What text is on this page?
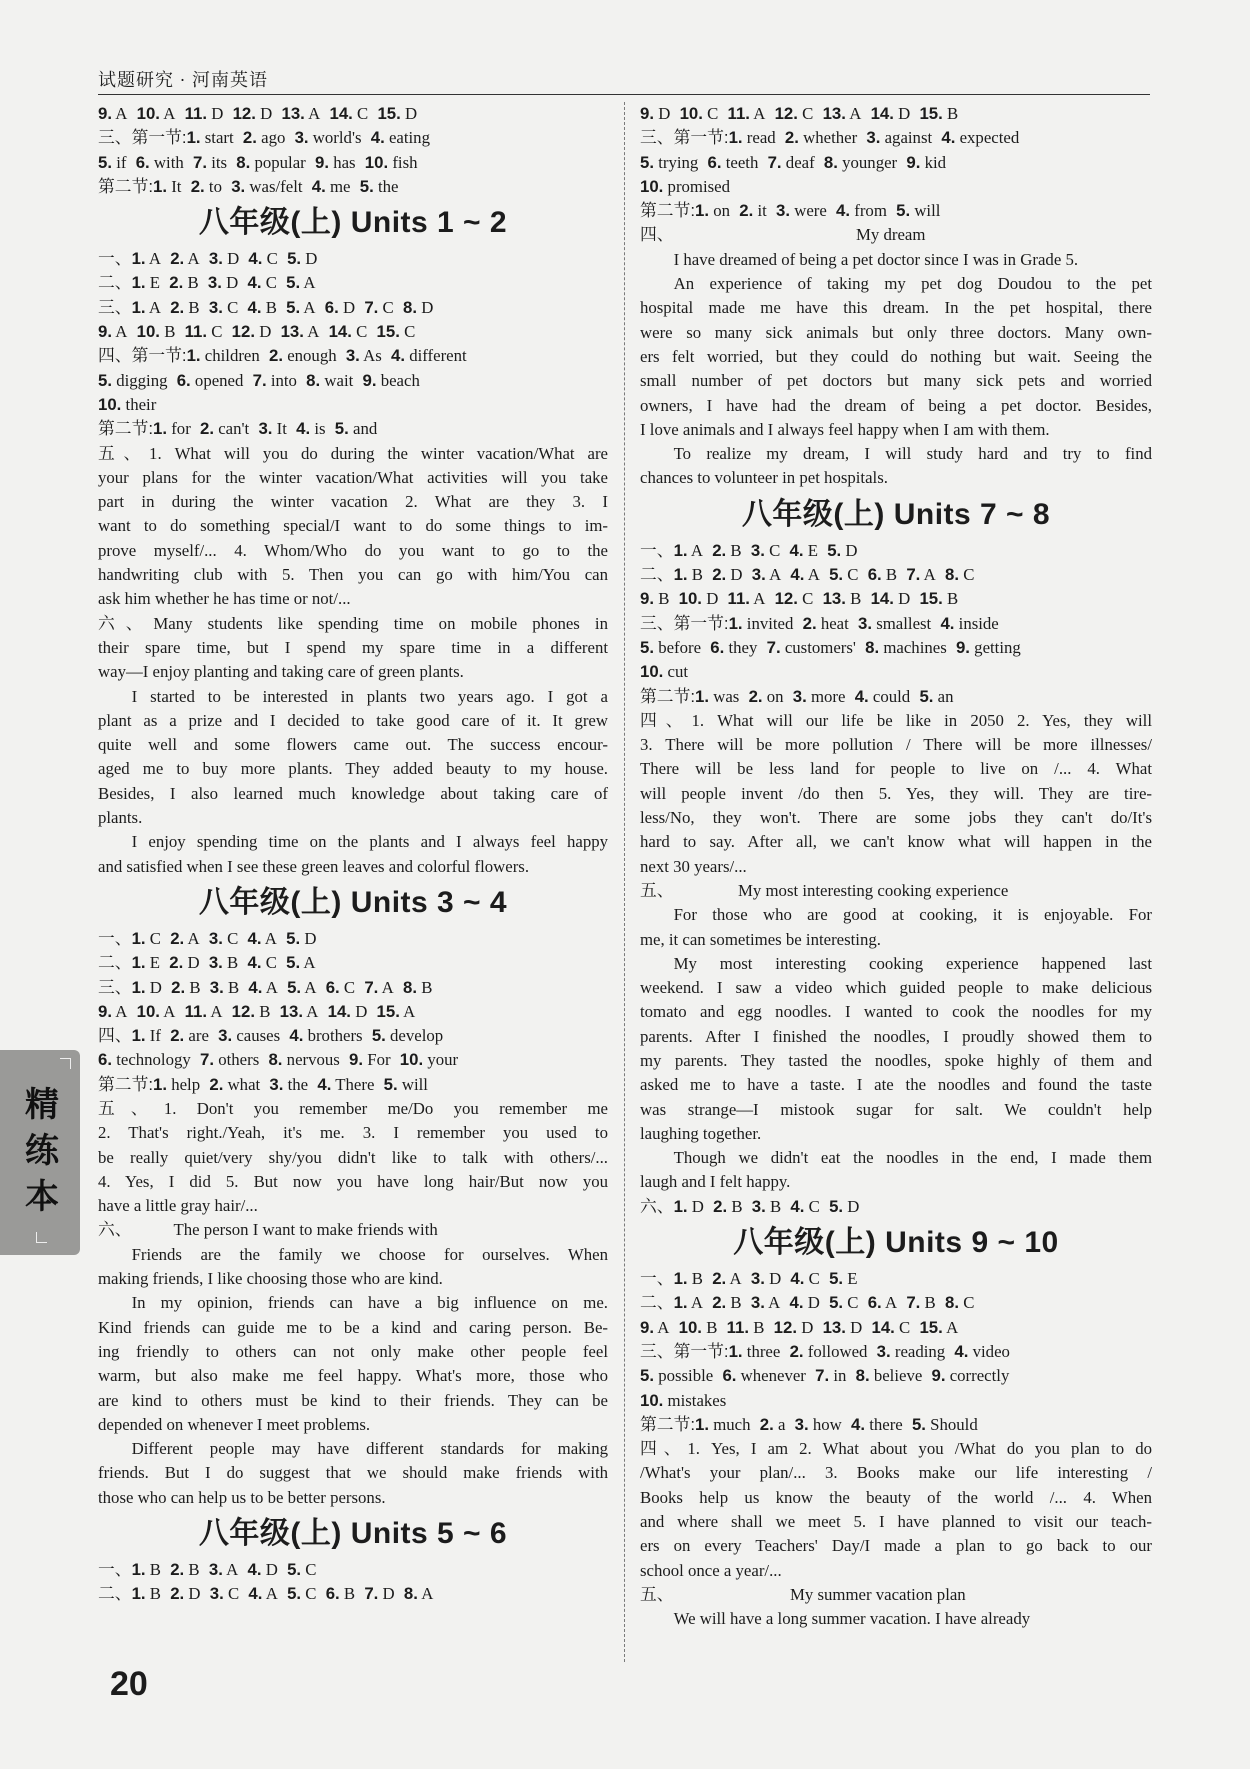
试题研究 · 河南英语
9. A 10. A 11. D 12. D 13. A 14. C 15. D
三、第一节:1. start 2. ago 3. world's 4. eating
5. if 6. with 7. its 8. popular 9. has 10. fish
第二节:1. It 2. to 3. was/felt 4. me 5. the
八年级(上) Units 1 ~ 2
一、1. A 2. A 3. D 4. C 5. D
二、1. E 2. B 3. D 4. C 5. A
三、1. A 2. B 3. C 4. B 5. A 6. D 7. C 8. D
9. A 10. B 11. C 12. D 13. A 14. C 15. C
四、第一节:1. children 2. enough 3. As 4. different
5. digging 6. opened 7. into 8. wait 9. beach
10. their
第二节:1. for 2. can't 3. It 4. is 5. and
五、1. What will you do during the winter vacation/What are
your plans for the winter vacation/What activities will you take
part in during the winter vacation 2. What are they 3. I
want to do something special/I want to do some things to im-
prove myself/... 4. Whom/Who do you want to go to the
handwriting club with 5. Then you can go with him/You can
ask him whether he has time or not/...
六、Many students like spending time on mobile phones in
their spare time, but I spend my spare time in a different
way—I enjoy planting and taking care of green plants.
I started to be interested in plants two years ago. I got a
plant as a prize and I decided to take good care of it. It grew
quite well and some flowers came out. The success encour-
aged me to buy more plants. They added beauty to my house.
Besides, I also learned much knowledge about taking care of
plants.
I enjoy spending time on the plants and I always feel happy
and satisfied when I see these green leaves and colorful flowers.
八年级(上) Units 3 ~ 4
一、1. C 2. A 3. C 4. A 5. D
二、1. E 2. D 3. B 4. C 5. A
三、1. D 2. B 3. B 4. A 5. A 6. C 7. A 8. B
9. A 10. A 11. A 12. B 13. A 14. D 15. A
四、1. If 2. are 3. causes 4. brothers 5. develop
6. technology 7. others 8. nervous 9. For 10. your
第二节:1. help 2. what 3. the 4. There 5. will
五、1. Don't you remember me/Do you remember me
2. That's right./Yeah, it's me. 3. I remember you used to
be really quiet/very shy/you didn't like to talk with others/...
4. Yes, I did 5. But now you have long hair/But now you
have a little gray hair/...
六、          The person I want to make friends with
Friends are the family we choose for ourselves. When
making friends, I like choosing those who are kind.
In my opinion, friends can have a big influence on me.
Kind friends can guide me to be a kind and caring person. Be-
ing friendly to others can not only make other people feel
warm, but also make me feel happy. What's more, those who
are kind to others must be kind to their friends. They can be
depended on whenever I meet problems.
Different people may have different standards for making
friends. But I do suggest that we should make friends with
those who can help us to be better persons.
八年级(上) Units 5 ~ 6
一、1. B 2. B 3. A 4. D 5. C
二、1. B 2. D 3. C 4. A 5. C 6. B 7. D 8. A
9. D 10. C 11. A 12. C 13. A 14. D 15. B
三、第一节:1. read 2. whether 3. against 4. expected
5. trying 6. teeth 7. deaf 8. younger 9. kid
10. promised
第二节:1. on 2. it 3. were 4. from 5. will
四、	My dream
I have dreamed of being a pet doctor since I was in Grade 5.
An experience of taking my pet dog Doudou to the pet
hospital made me have this dream. In the pet hospital, there
were so many sick animals but only three doctors. Many own-
ers felt worried, but they could do nothing but wait. Seeing the
small number of pet doctors but many sick pets and worried
owners, I have had the dream of being a pet doctor. Besides,
I love animals and I always feel happy when I am with them.
To realize my dream, I will study hard and try to find
chances to volunteer in pet hospitals.
八年级(上) Units 7 ~ 8
一、1. A 2. B 3. C 4. E 5. D
二、1. B 2. D 3. A 4. A 5. C 6. B 7. A 8. C
9. B 10. D 11. A 12. C 13. B 14. D 15. B
三、第一节:1. invited 2. heat 3. smallest 4. inside
5. before 6. they 7. customers' 8. machines 9. getting
10. cut
第二节:1. was 2. on 3. more 4. could 5. an
四、1. What will our life be like in 2050 2. Yes, they will
3. There will be more pollution / There will be more illnesses/
There will be less land for people to live on /... 4. What
will people invent /do then 5. Yes, they will. They are tire-
less/No, they won't. There are some jobs they can't do/It's
hard to say. After all, we can't know what will happen in the
next 30 years/...
五、	My most interesting cooking experience
For those who are good at cooking, it is enjoyable. For
me, it can sometimes be interesting.
My most interesting cooking experience happened last
weekend. I saw a video which guided people to make delicious
tomato and egg noodles. I wanted to cook the noodles for my
parents. After I finished the noodles, I proudly showed them to
my parents. They tasted the noodles, spoke highly of them and
asked me to have a taste. I ate the noodles and found the taste
was strange—I mistook sugar for salt. We couldn't help
laughing together.
Though we didn't eat the noodles in the end, I made them
laugh and I felt happy.
六、1. D 2. B 3. B 4. C 5. D
八年级(上) Units 9 ~ 10
一、1. B 2. A 3. D 4. C 5. E
二、1. A 2. B 3. A 4. D 5. C 6. A 7. B 8. C
9. A 10. B 11. B 12. D 13. D 14. C 15. A
三、第一节:1. three 2. followed 3. reading 4. video
5. possible 6. whenever 7. in 8. believe 9. correctly
10. mistakes
第二节:1. much 2. a 3. how 4. there 5. Should
四、1. Yes, I am 2. What about you /What do you plan to do
/What's your plan/... 3. Books make our life interesting /
Books help us know the beauty of the world /... 4. When
and where shall we meet 5. I have planned to visit our teach-
ers on every Teachers' Day/I made a plan to go back to our
school once a year/...
五、	My summer vacation plan
We will have a long summer vacation. I have already
精
练
本
20
